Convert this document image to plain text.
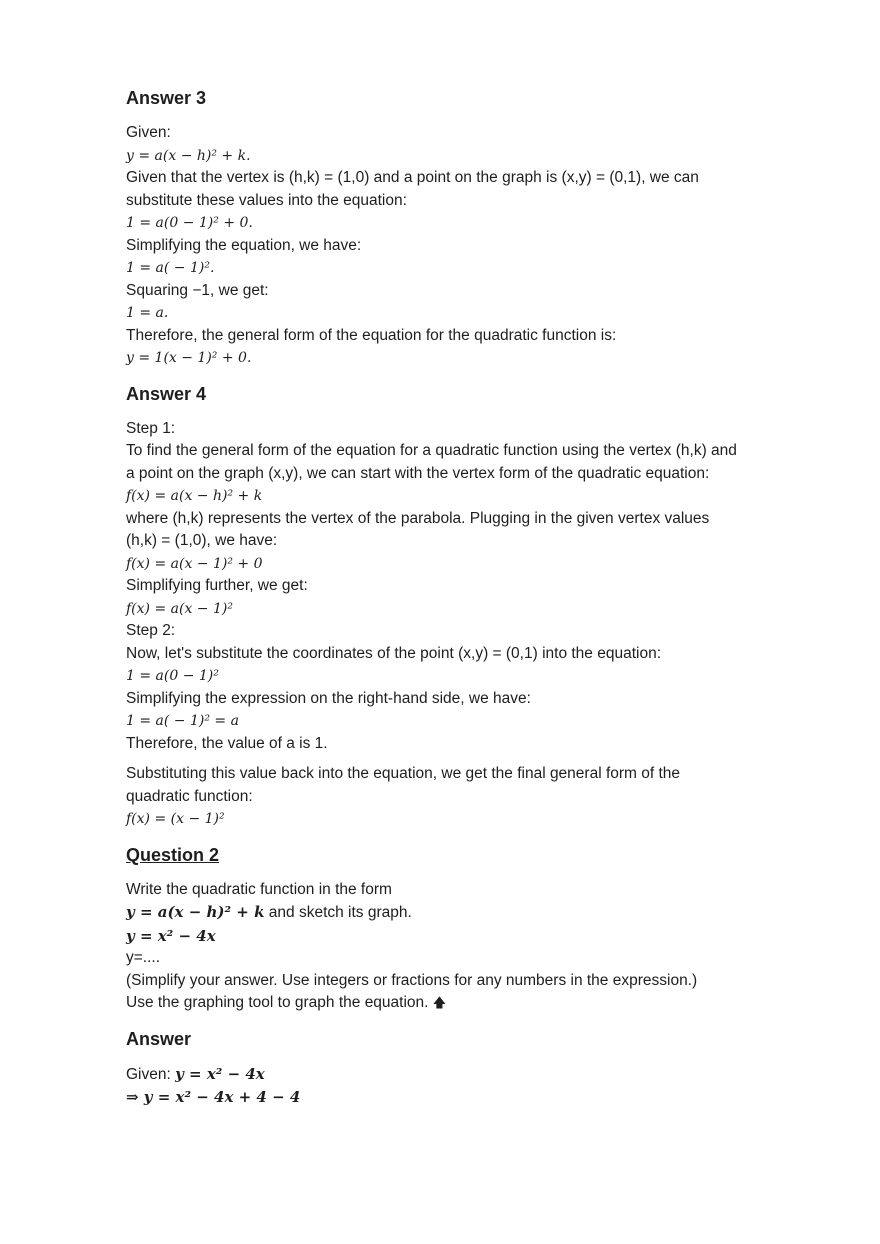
Answer 3
Given:
y = a(x − h)² + k.
Given that the vertex is (h,k) = (1,0) and a point on the graph is (x,y) = (0,1), we can
substitute these values into the equation:
1 = a(0 − 1)² + 0.
Simplifying the equation, we have:
1 = a( − 1)².
Squaring −1, we get:
1 = a.
Therefore, the general form of the equation for the quadratic function is:
y = 1(x − 1)² + 0.
Answer 4
Step 1:
To find the general form of the equation for a quadratic function using the vertex (h,k) and
a point on the graph (x,y), we can start with the vertex form of the quadratic equation:
f(x) = a(x − h)² + k
where (h,k) represents the vertex of the parabola. Plugging in the given vertex values
(h,k) = (1,0), we have:
f(x) = a(x − 1)² + 0
Simplifying further, we get:
f(x) = a(x − 1)²
Step 2:
Now, let's substitute the coordinates of the point (x,y) = (0,1) into the equation:
1 = a(0 − 1)²
Simplifying the expression on the right-hand side, we have:
1 = a( − 1)² = a
Therefore, the value of a is 1.
Substituting this value back into the equation, we get the final general form of the
quadratic function:
f(x) = (x − 1)²
Question 2
Write the quadratic function in the form
y = a(x − h)² + k and sketch its graph.
y = x² − 4x
y=....
(Simplify your answer. Use integers or fractions for any numbers in the expression.)
Use the graphing tool to graph the equation. 🡅
Answer
Given: y = x² − 4x
⇒ y = x² − 4x + 4 − 4
